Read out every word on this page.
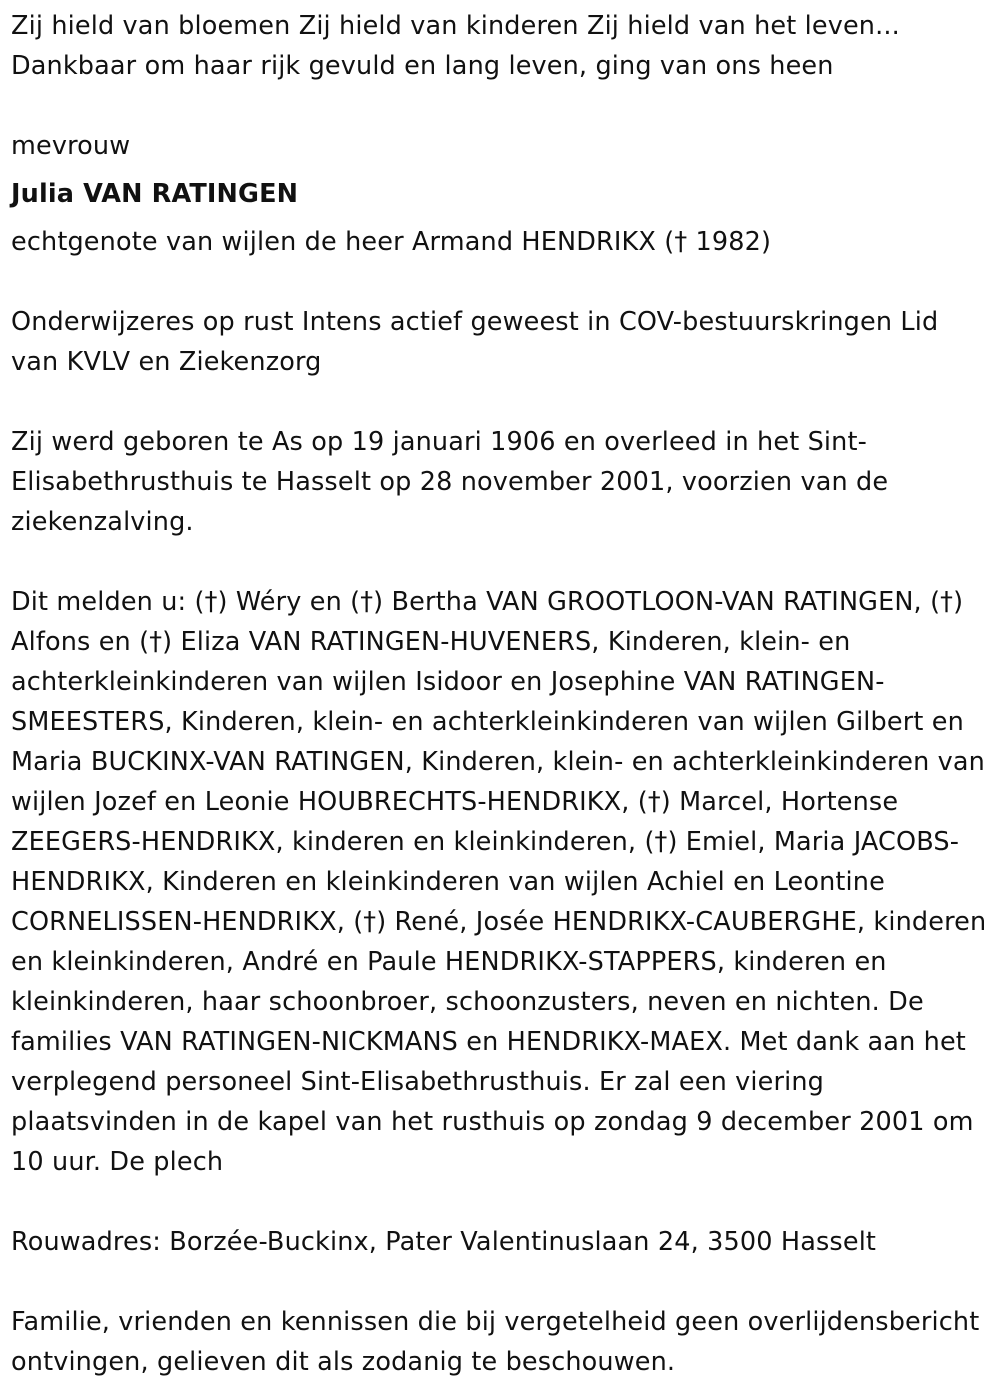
Zij hield van bloemen Zij hield van kinderen Zij hield van het leven...

Dankbaar om haar rijk gevuld en lang leven, ging van ons heen

mevrouw

Julia VAN RATINGEN

echtgenote van wijlen de heer Armand HENDRIKX († 1982)

Onderwijzeres op rust Intens actief geweest in COV-bestuurskringen Lid van KVLV en Ziekenzorg

Zij werd geboren te As op 19 januari 1906 en overleed in het Sint-Elisabethrusthuis te Hasselt op 28 november 2001, voorzien van de ziekenzalving.

Dit melden u: (†) Wéry en (†) Bertha VAN GROOTLOON-VAN RATINGEN, (†) Alfons en (†) Eliza VAN RATINGEN-HUVENERS, Kinderen, klein- en achterkleinkinderen van wijlen Isidoor en Josephine VAN RATINGEN-SMEESTERS, Kinderen, klein- en achterkleinkinderen van wijlen Gilbert en Maria BUCKINX-VAN RATINGEN, Kinderen, klein- en achterkleinkinderen van wijlen Jozef en Leonie HOUBRECHTS-HENDRIKX, (†) Marcel, Hortense ZEEGERS-HENDRIKX, kinderen en kleinkinderen, (†) Emiel, Maria JACOBS-HENDRIKX, Kinderen en kleinkinderen van wijlen Achiel en Leontine CORNELISSEN-HENDRIKX, (†) René, Josée HENDRIKX-CAUBERGHE, kinderen en kleinkinderen, André en Paule HENDRIKX-STAPPERS, kinderen en kleinkinderen, haar schoonbroer, schoonzusters, neven en nichten. De families VAN RATINGEN-NICKMANS en HENDRIKX-MAEX. Met dank aan het verplegend personeel Sint-Elisabethrusthuis. Er zal een viering plaatsvinden in de kapel van het rusthuis op zondag 9 december 2001 om 10 uur. De plech

Rouwadres: Borzée-Buckinx, Pater Valentinuslaan 24, 3500 Hasselt

Familie, vrienden en kennissen die bij vergetelheid geen overlijdensbericht ontvingen, gelieven dit als zodanig te beschouwen.
